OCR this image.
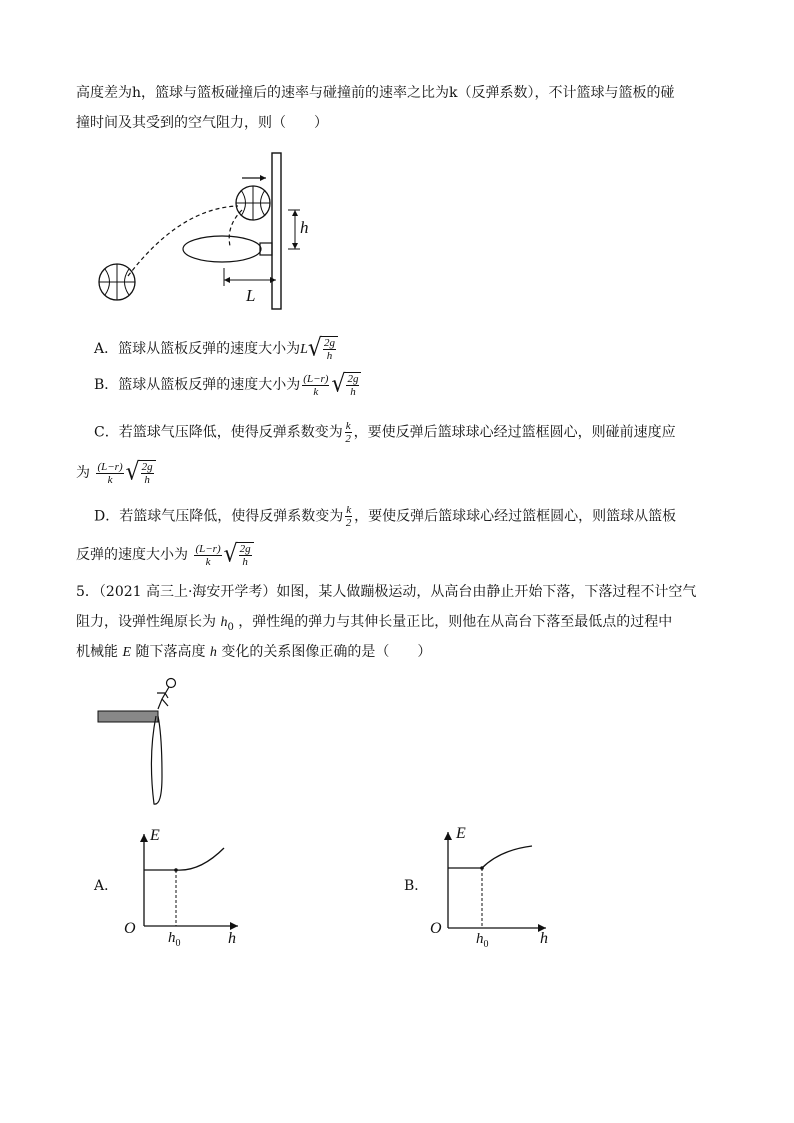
高度差为h，篮球与篮板碰撞后的速率与碰撞前的速率之比为k（反弹系数），不计篮球与篮板的碰
撞时间及其受到的空气阻力，则（　　）
h
L
A．篮球从篮板反弹的速度大小为L √ 2g
h
B．篮球从篮板反弹的速度大小为 $\frac{(L-r)}{k}$ √ 2g
h
C．若篮球气压降低，使得反弹系数变为 $\frac{k}{2}$ ，要使反弹后篮球球心经过篮框圆心，则碰前速度应
为 $\frac{(L-r)}{k}$ √ 2g
h
D．若篮球气压降低，使得反弹系数变为 $\frac{k}{2}$ ，要使反弹后篮球球心经过篮框圆心，则篮球从篮板
反弹的速度大小为 $\frac{(L-r)}{k}$ √ 2g
h
5．（2021 高三上·海安开学考）如图，某人做蹦极运动，从高台由静止开始下落，下落过程不计空气
阻力，设弹性绳原长为 $h_0$ ，弹性绳的弹力与其伸长量正比，则他在从高台下落至最低点的过程中
机械能 E 随下落高度 h 变化的关系图像正确的是（　　）
A．
E
h
O
$h_0$
B．
E
h
O
$h_0$
